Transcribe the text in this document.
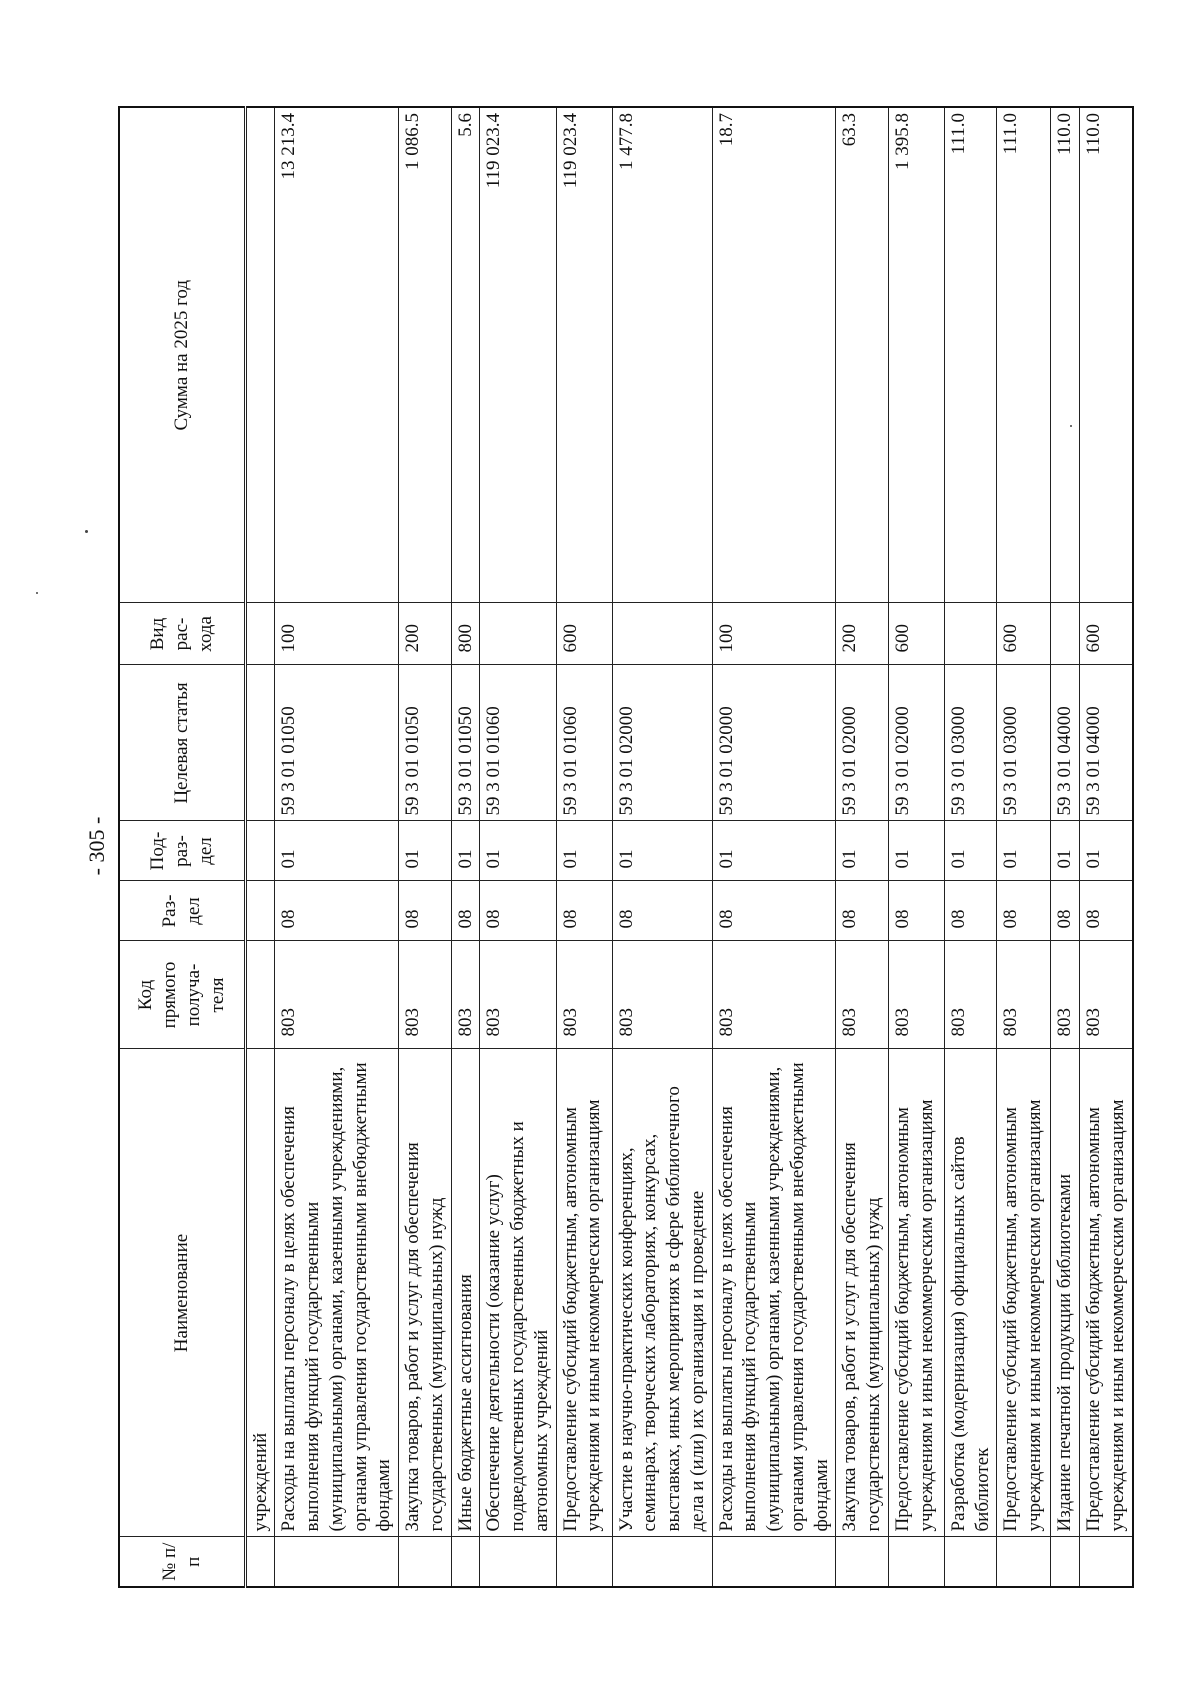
- 305 -
№ п/п	Наименование	Код прямого получа-теля	Раз-дел	Под-раз-дел	Целевая статья	Вид рас-хода	Сумма на 2025 год
	учреждений						
	Расходы на выплаты персоналу в целях обеспечения выполнения функций государственными (муниципальными) органами, казенными учреждениями, органами управления государственными внебюджетными фондами	803	08	01	59 3 01 01050	100	13 213.4
	Закупка товаров, работ и услуг для обеспечения государственных (муниципальных) нужд	803	08	01	59 3 01 01050	200	1 086.5
	Иные бюджетные ассигнования	803	08	01	59 3 01 01050	800	5.6
	Обеспечение деятельности (оказание услуг) подведомственных государственных бюджетных и автономных учреждений	803	08	01	59 3 01 01060		119 023.4
	Предоставление субсидий бюджетным, автономным учреждениям и иным некоммерческим организациям	803	08	01	59 3 01 01060	600	119 023.4
	Участие в научно-практических конференциях, семинарах, творческих лабораториях, конкурсах, выставках, иных мероприятиях в сфере библиотечного дела и (или) их организация и проведение	803	08	01	59 3 01 02000		1 477.8
	Расходы на выплаты персоналу в целях обеспечения выполнения функций государственными (муниципальными) органами, казенными учреждениями, органами управления государственными внебюджетными фондами	803	08	01	59 3 01 02000	100	18.7
	Закупка товаров, работ и услуг для обеспечения государственных (муниципальных) нужд	803	08	01	59 3 01 02000	200	63.3
	Предоставление субсидий бюджетным, автономным учреждениям и иным некоммерческим организациям	803	08	01	59 3 01 02000	600	1 395.8
	Разработка (модернизация) официальных сайтов библиотек	803	08	01	59 3 01 03000		111.0
	Предоставление субсидий бюджетным, автономным учреждениям и иным некоммерческим организациям	803	08	01	59 3 01 03000	600	111.0
	Издание печатной продукции библиотеками	803	08	01	59 3 01 04000		110.0
	Предоставление субсидий бюджетным, автономным учреждениям и иным некоммерческим организациям	803	08	01	59 3 01 04000	600	110.0
